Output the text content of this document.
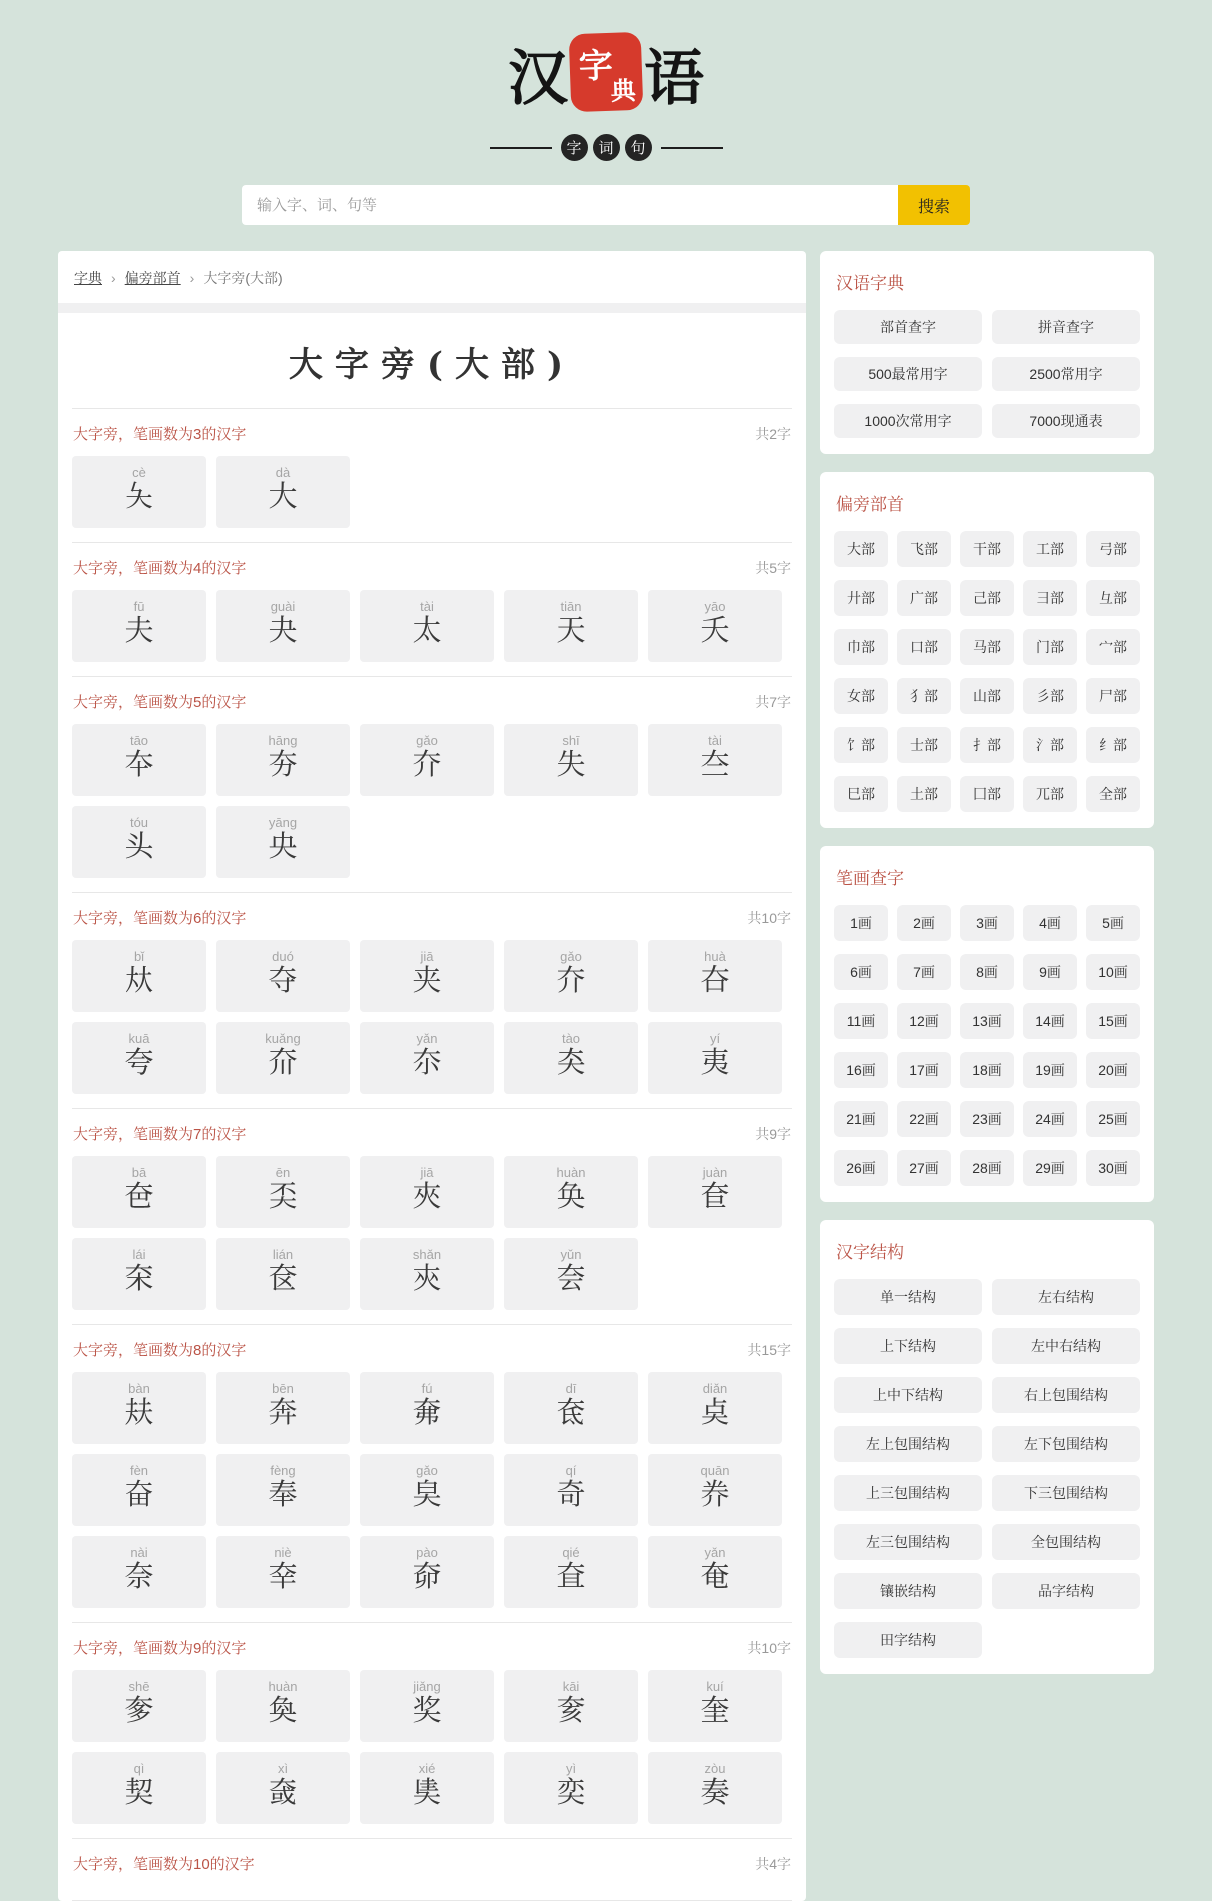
汉 字
典 语
字	词	句
输入字、词、句等
搜索
字典 › 偏旁部首 › 大字旁(大部)
大字旁(大部)
大字旁，笔画数为3的汉字	共2字
cè
夨
dà
大
大字旁，笔画数为4的汉字	共5字
fū
夫
guài
夬
tài
太
tiān
天
yāo
夭
大字旁，笔画数为5的汉字	共7字
tāo
夲
hāng
夯
gǎo
夰
shī
失
tài
夳
tóu
头
yāng
央
大字旁，笔画数为6的汉字	共10字
bǐ
夶
duó
夺
jiā
夹
gǎo
夰
huà
夻
kuā
夸
kuǎng
夼
yǎn
夵
tào
㚐
yí
夷
大字旁，笔画数为7的汉字	共9字
bā
夿
ēn
奀
jiā
夾
huàn
奂
juàn
奆
lái
㚓
lián
奁
shǎn
㚒
yǔn
夽
大字旁，笔画数为8的汉字	共15字
bàn
㚘
bēn
奔
fú
㚕
dī
奃
diǎn
奌
fèn
奋
fèng
奉
gǎo
㚖
qí
奇
quān
奍
nài
奈
niè
㚔
pào
奅
qié
㚗
yǎn
奄
大字旁，笔画数为9的汉字	共10字
shē
奓
huàn
奐
jiǎng
奖
kāi
奒
kuí
奎
qì
契
xì
㚜
xié
奊
yì
奕
zòu
奏
大字旁，笔画数为10的汉字	共4字
汉语字典
部首查字	拼音查字
500最常用字	2500常用字
1000次常用字	7000现通表
偏旁部首
大部	飞部	干部	工部	弓部
廾部	广部	己部	彐部	彑部
巾部	口部	马部	门部	宀部
女部	犭部	山部	彡部	尸部
饣部	士部	扌部	氵部	纟部
巳部	土部	囗部	兀部	全部
笔画查字
1画	2画	3画	4画	5画
6画	7画	8画	9画	10画
11画	12画	13画	14画	15画
16画	17画	18画	19画	20画
21画	22画	23画	24画	25画
26画	27画	28画	29画	30画
汉字结构
单一结构	左右结构
上下结构	左中右结构
上中下结构	右上包围结构
左上包围结构	左下包围结构
上三包围结构	下三包围结构
左三包围结构	全包围结构
镶嵌结构	品字结构
田字结构
